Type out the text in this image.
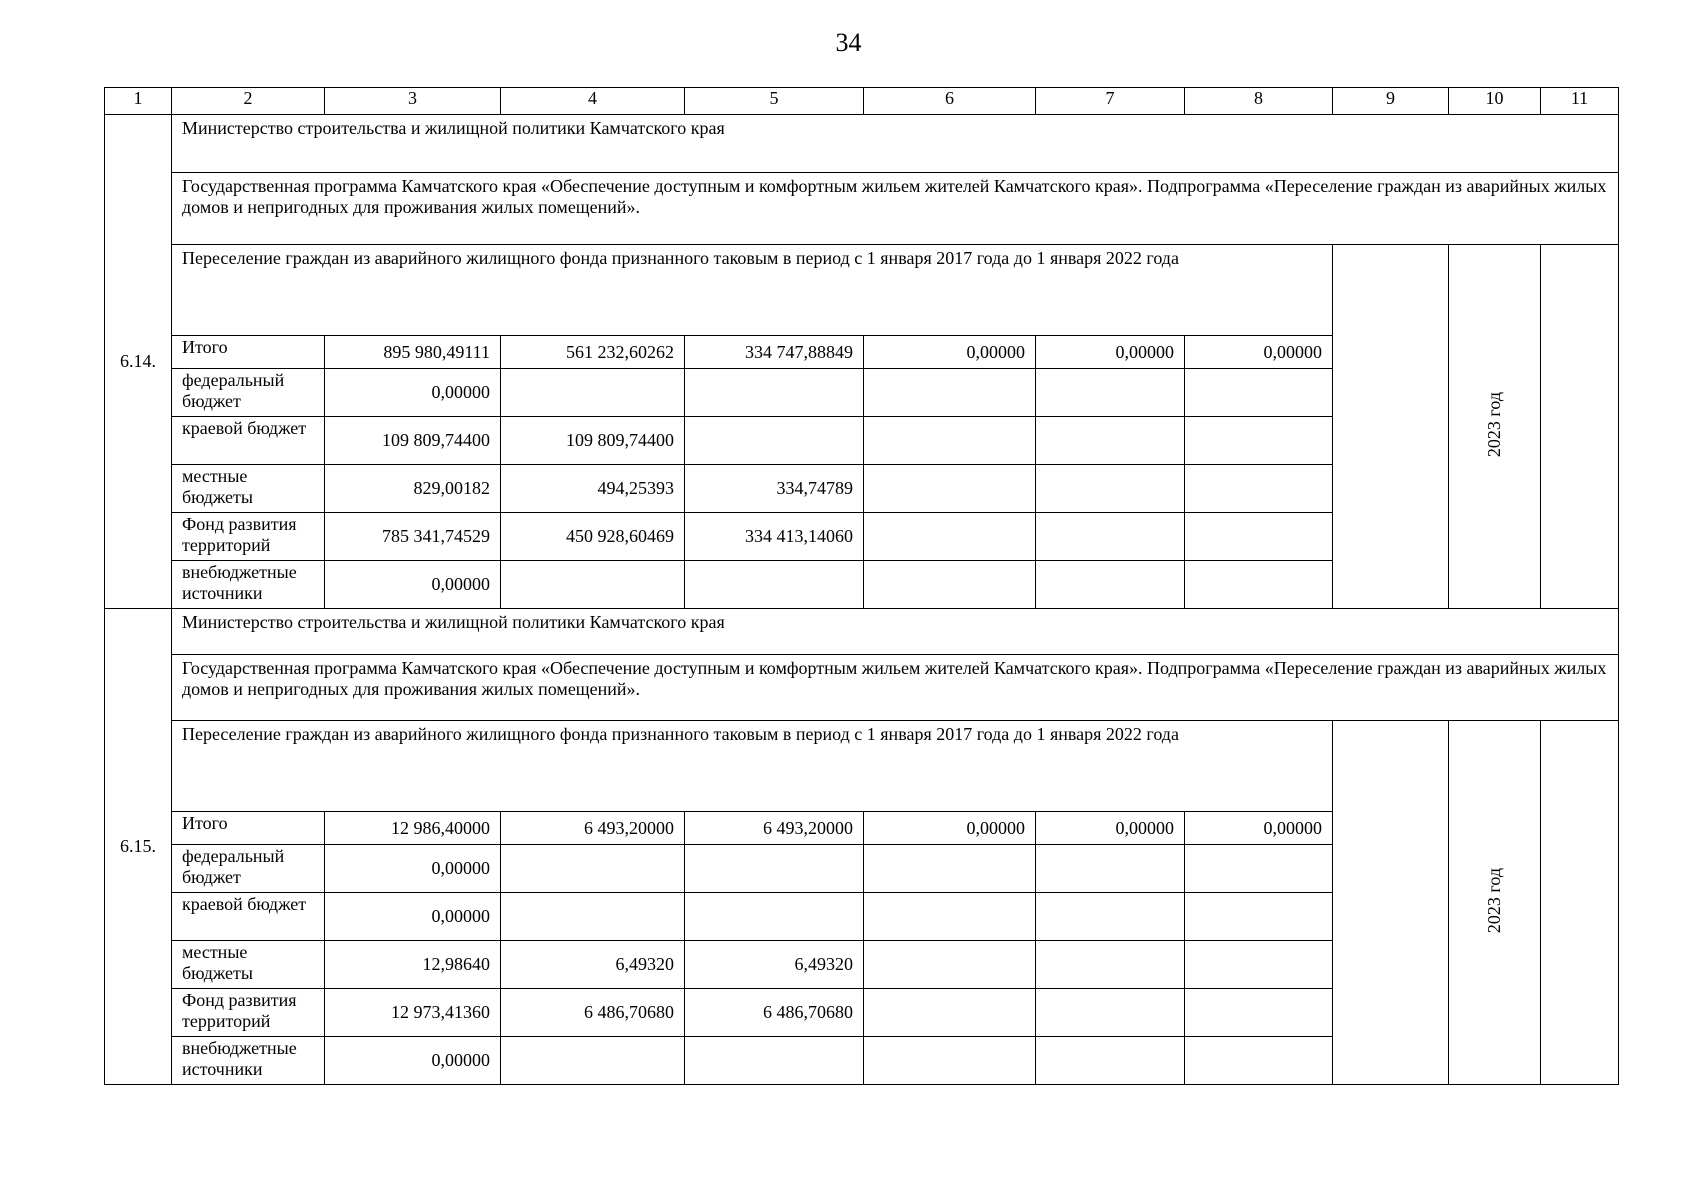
34
1	2	3	4	5	6	7	8	9	10	11
6.14.	Министерство строительства и жилищной политики Камчатского края									
	Государственная программа Камчатского края «Обеспечение доступным и комфортным жильем жителей Камчатского края». Подпрограмма «Переселение граждан из аварийных жилых домов и непригодных для проживания жилых помещений».									
	Переселение граждан из аварийного жилищного фонда признанного таковым в период с 1 января 2017 года до 1 января 2022 года								2023 год	
	Итого	895 980,49111	561 232,60262	334 747,88849	0,00000	0,00000	0,00000			
	федеральный бюджет	0,00000								
	краевой бюджет	109 809,74400	109 809,74400							
	местные бюджеты	829,00182	494,25393	334,74789						
	Фонд развития территорий	785 341,74529	450 928,60469	334 413,14060						
	внебюджетные источники	0,00000								
6.15.	Министерство строительства и жилищной политики Камчатского края									
	Государственная программа Камчатского края «Обеспечение доступным и комфортным жильем жителей Камчатского края». Подпрограмма «Переселение граждан из аварийных жилых домов и непригодных для проживания жилых помещений».									
	Переселение граждан из аварийного жилищного фонда признанного таковым в период с 1 января 2017 года до 1 января 2022 года								2023 год	
	Итого	12 986,40000	6 493,20000	6 493,20000	0,00000	0,00000	0,00000			
	федеральный бюджет	0,00000								
	краевой бюджет	0,00000								
	местные бюджеты	12,98640	6,49320	6,49320						
	Фонд развития территорий	12 973,41360	6 486,70680	6 486,70680						
	внебюджетные источники	0,00000								
